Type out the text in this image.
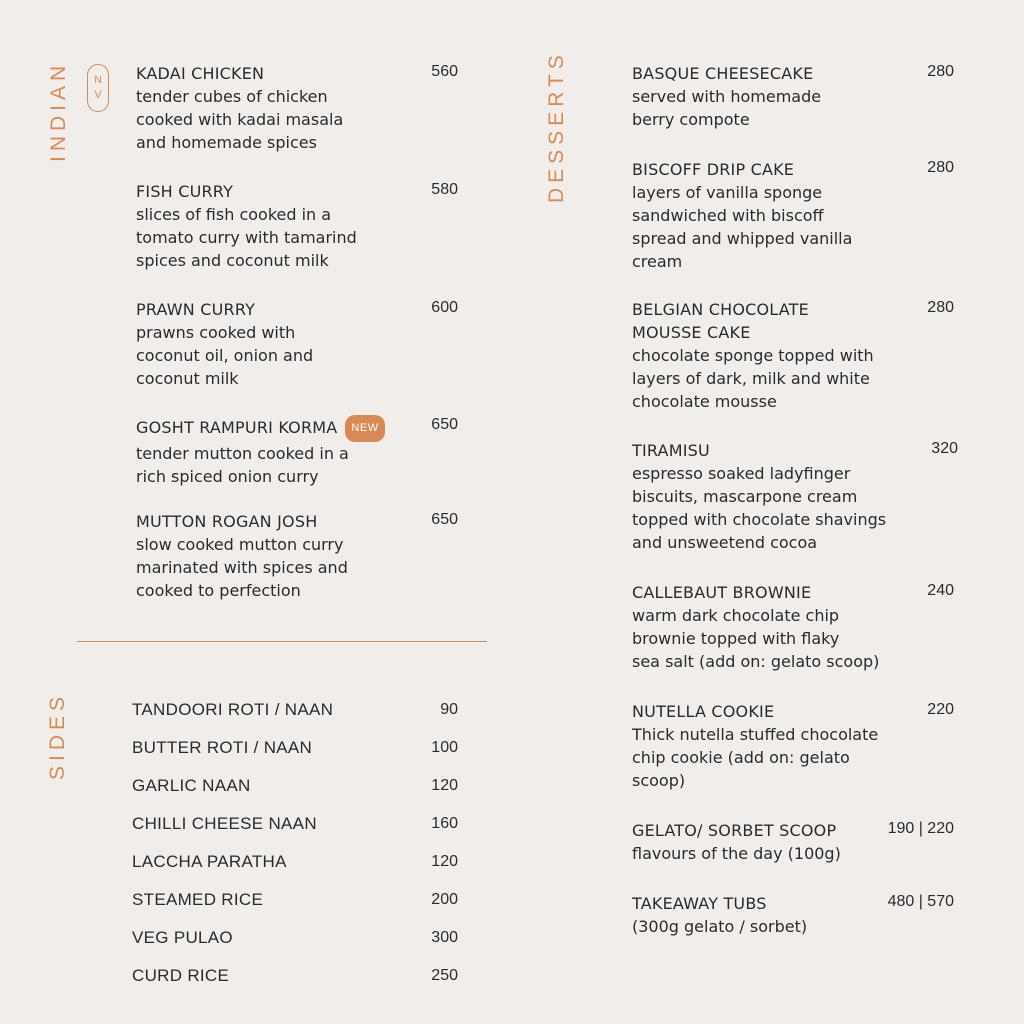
INDIAN N
V
SIDES
DESSERTS
KADAI CHICKEN
tender cubes of chicken
cooked with kadai masala
and homemade spices
560
FISH CURRY
slices of fish cooked in a
tomato curry with tamarind
spices and coconut milk
580
PRAWN CURRY
prawns cooked with
coconut oil, onion and
coconut milk
600
GOSHT RAMPURI KORMA NEW
tender mutton cooked in a
rich spiced onion curry
650
MUTTON ROGAN JOSH
slow cooked mutton curry
marinated with spices and
cooked to perfection
650
TANDOORI ROTI / NAAN	90
BUTTER ROTI / NAAN	100
GARLIC NAAN	120
CHILLI CHEESE NAAN	160
LACCHA PARATHA	120
STEAMED RICE	200
VEG PULAO	300
CURD RICE	250
BASQUE CHEESECAKE
served with homemade
berry compote
280
BISCOFF DRIP CAKE
layers of vanilla sponge
sandwiched with biscoff
spread and whipped vanilla
cream
280
BELGIAN CHOCOLATE
MOUSSE CAKE
chocolate sponge topped with
layers of dark, milk and white
chocolate mousse
280
TIRAMISU
espresso soaked ladyfinger
biscuits, mascarpone cream
topped with chocolate shavings
and unsweetend cocoa
320
CALLEBAUT BROWNIE
warm dark chocolate chip
brownie topped with flaky
sea salt (add on: gelato scoop)
240
NUTELLA COOKIE
Thick nutella stuffed chocolate
chip cookie (add on: gelato
scoop)
220
GELATO/ SORBET SCOOP
flavours of the day (100g)
190 | 220
TAKEAWAY TUBS
(300g gelato / sorbet)
480 | 570
